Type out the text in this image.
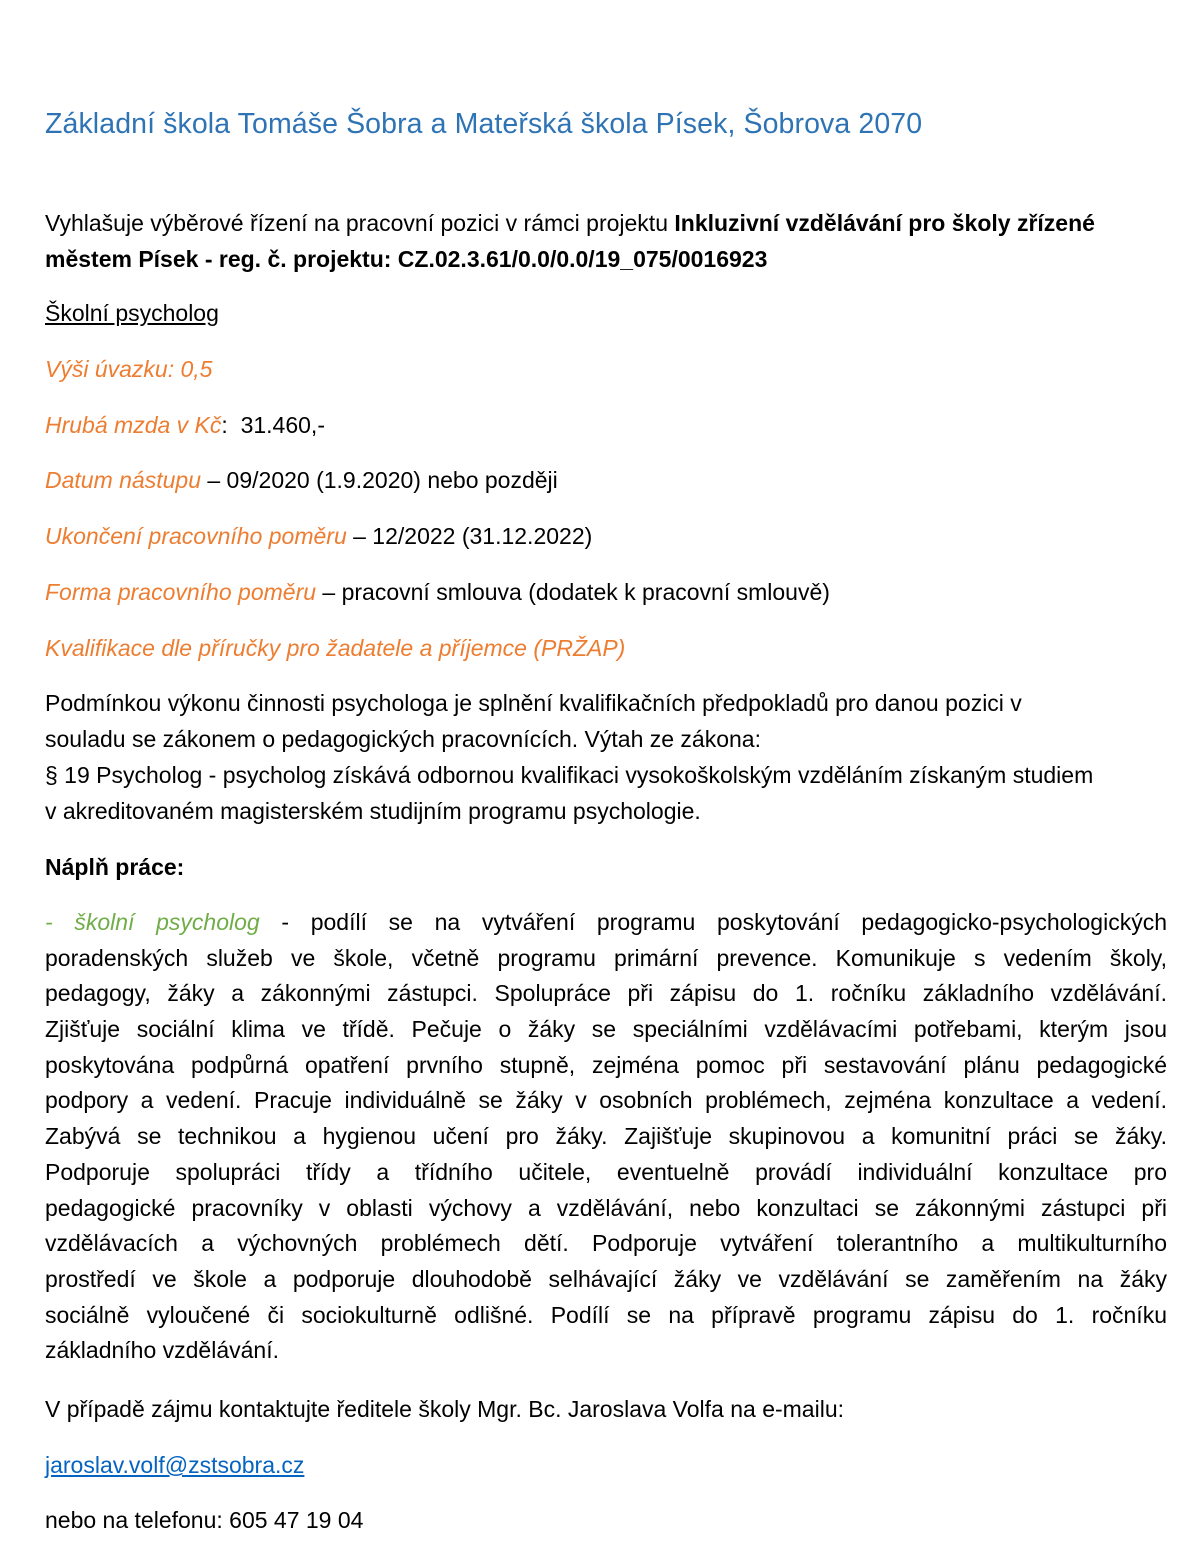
Základní škola Tomáše Šobra a Mateřská škola Písek, Šobrova 2070
Vyhlašuje výběrové řízení na pracovní pozici v rámci projektu Inkluzivní vzdělávání pro školy zřízené
městem Písek - reg. č. projektu: CZ.02.3.61/0.0/0.0/19_075/0016923
Školní psycholog
Výši úvazku: 0,5
Hrubá mzda v Kč:  31.460,-
Datum nástupu – 09/2020 (1.9.2020) nebo později
Ukončení pracovního poměru – 12/2022 (31.12.2022)
Forma pracovního poměru – pracovní smlouva (dodatek k pracovní smlouvě)
Kvalifikace dle příručky pro žadatele a příjemce (PRŽAP)
Podmínkou výkonu činnosti psychologa je splnění kvalifikačních předpokladů pro danou pozici v
souladu se zákonem o pedagogických pracovnících. Výtah ze zákona:
§ 19 Psycholog - psycholog získává odbornou kvalifikaci vysokoškolským vzděláním získaným studiem
v akreditovaném magisterském studijním programu psychologie.
Náplň práce:
- školní psycholog - podílí se na vytváření programu poskytování pedagogicko-psychologických
poradenských služeb ve škole, včetně programu primární prevence. Komunikuje s vedením školy,
pedagogy, žáky a zákonnými zástupci. Spolupráce při zápisu do 1. ročníku základního vzdělávání.
Zjišťuje sociální klima ve třídě. Pečuje o žáky se speciálními vzdělávacími potřebami, kterým jsou
poskytována podpůrná opatření prvního stupně, zejména pomoc při sestavování plánu pedagogické
podpory a vedení. Pracuje individuálně se žáky v osobních problémech, zejména konzultace a vedení.
Zabývá se technikou a hygienou učení pro žáky. Zajišťuje skupinovou a komunitní práci se žáky.
Podporuje spolupráci třídy a třídního učitele, eventuelně provádí individuální konzultace pro
pedagogické pracovníky v oblasti výchovy a vzdělávání, nebo konzultaci se zákonnými zástupci při
vzdělávacích a výchovných problémech dětí. Podporuje vytváření tolerantního a multikulturního
prostředí ve škole a podporuje dlouhodobě selhávající žáky ve vzdělávání se zaměřením na žáky
sociálně vyloučené či sociokulturně odlišné. Podílí se na přípravě programu zápisu do 1. ročníku
základního vzdělávání.
V případě zájmu kontaktujte ředitele školy Mgr. Bc. Jaroslava Volfa na e-mailu:
jaroslav.volf@zstsobra.cz
nebo na telefonu: 605 47 19 04
